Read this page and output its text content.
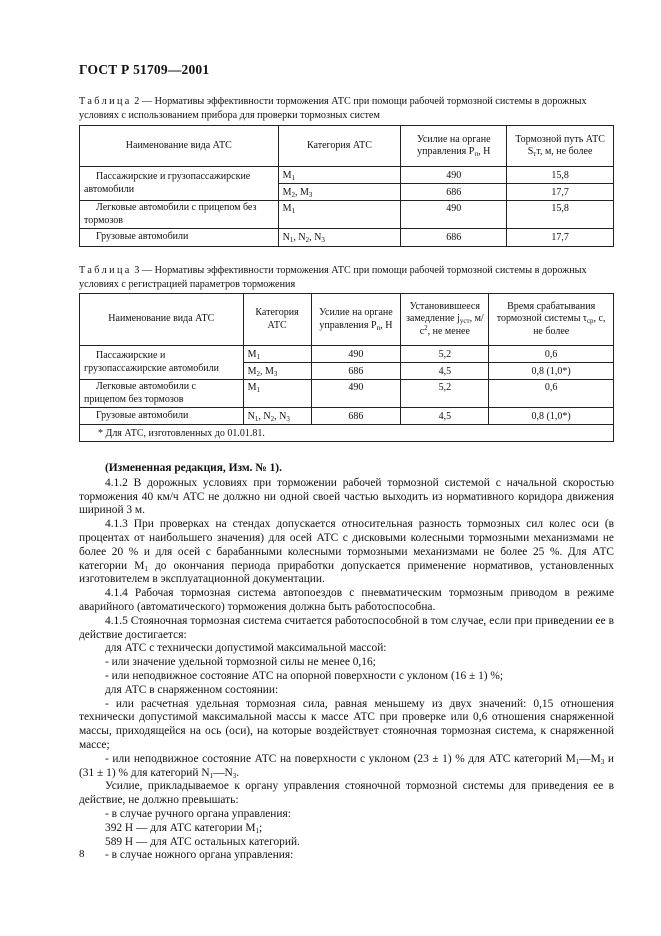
ГОСТ Р 51709—2001
Таблица 2 — Нормативы эффективности торможения АТС при помощи рабочей тормозной системы в дорожных условиях с использованием прибора для проверки тормозных систем
Наименование вида АТС	Категория АТС	Усилие на органе управления $P_п$, Н	Тормозной путь АТС $S_тт$, м, не более
Пассажирские и грузопассажирские автомобили	$M_1$	490	15,8
	$M_2$, $M_3$	686	17,7
Легковые автомобили с прицепом без тормозов	$M_1$	490	15,8
Грузовые автомобили	$N_1$, $N_2$, $N_3$	686	17,7
Таблица 3 — Нормативы эффективности торможения АТС при помощи рабочей тормозной системы в дорожных условиях с регистрацией параметров торможения
Наименование вида АТС	Категория АТС	Усилие на органе управления $P_п$, Н	Установившееся замедление $j_{уст}$, $м/с^2$, не менее	Время срабатывания тормозной системы $\tau_{ср}$, с, не более
Пассажирские и грузопассажирские автомобили	$M_1$	490	5,2	0,6
	$M_2$, $M_3$	686	4,5	0,8 (1,0*)
Легковые автомобили с прицепом без тормозов	$M_1$	490	5,2	0,6
Грузовые автомобили	$N_1$, $N_2$, $N_3$	686	4,5	0,8 (1,0*)
* Для АТС, изготовленных до 01.01.81.				

(Измененная редакция, Изм. № 1).

4.1.2 В дорожных условиях при торможении рабочей тормозной системой с начальной скоростью торможения 40 км/ч АТС не должно ни одной своей частью выходить из нормативного коридора движения шириной 3 м.

4.1.3 При проверках на стендах допускается относительная разность тормозных сил колес оси (в процентах от наибольшего значения) для осей АТС с дисковыми колесными тормозными механизмами не более 20 % и для осей с барабанными колесными тормозными механизмами не более 25 %. Для АТС категории $M_1$ до окончания периода приработки допускается применение нормативов, установленных изготовителем в эксплуатационной документации.

4.1.4 Рабочая тормозная система автопоездов с пневматическим тормозным приводом в режиме аварийного (автоматического) торможения должна быть работоспособна.

4.1.5 Стояночная тормозная система считается работоспособной в том случае, если при приведении ее в действие достигается:

для АТС с технически допустимой максимальной массой:

- или значение удельной тормозной силы не менее 0,16;

- или неподвижное состояние АТС на опорной поверхности с уклоном (16 ± 1) %;

для АТС в снаряженном состоянии:

- или расчетная удельная тормозная сила, равная меньшему из двух значений: 0,15 отношения технически допустимой максимальной массы к массе АТС при проверке или 0,6 отношения снаряженной массы, приходящейся на ось (оси), на которые воздействует стояночная тормозная система, к снаряженной массе;

- или неподвижное состояние АТС на поверхности с уклоном (23 ± 1) % для АТС категорий $M_1—M_3$ и (31 ± 1) % для категорий $N_1—N_3$.

Усилие, прикладываемое к органу управления стояночной тормозной системы для приведения ее в действие, не должно превышать:

- в случае ручного органа управления:

392 Н — для АТС категории $M_1$;

589 Н — для АТС остальных категорий.

- в случае ножного органа управления:

8
